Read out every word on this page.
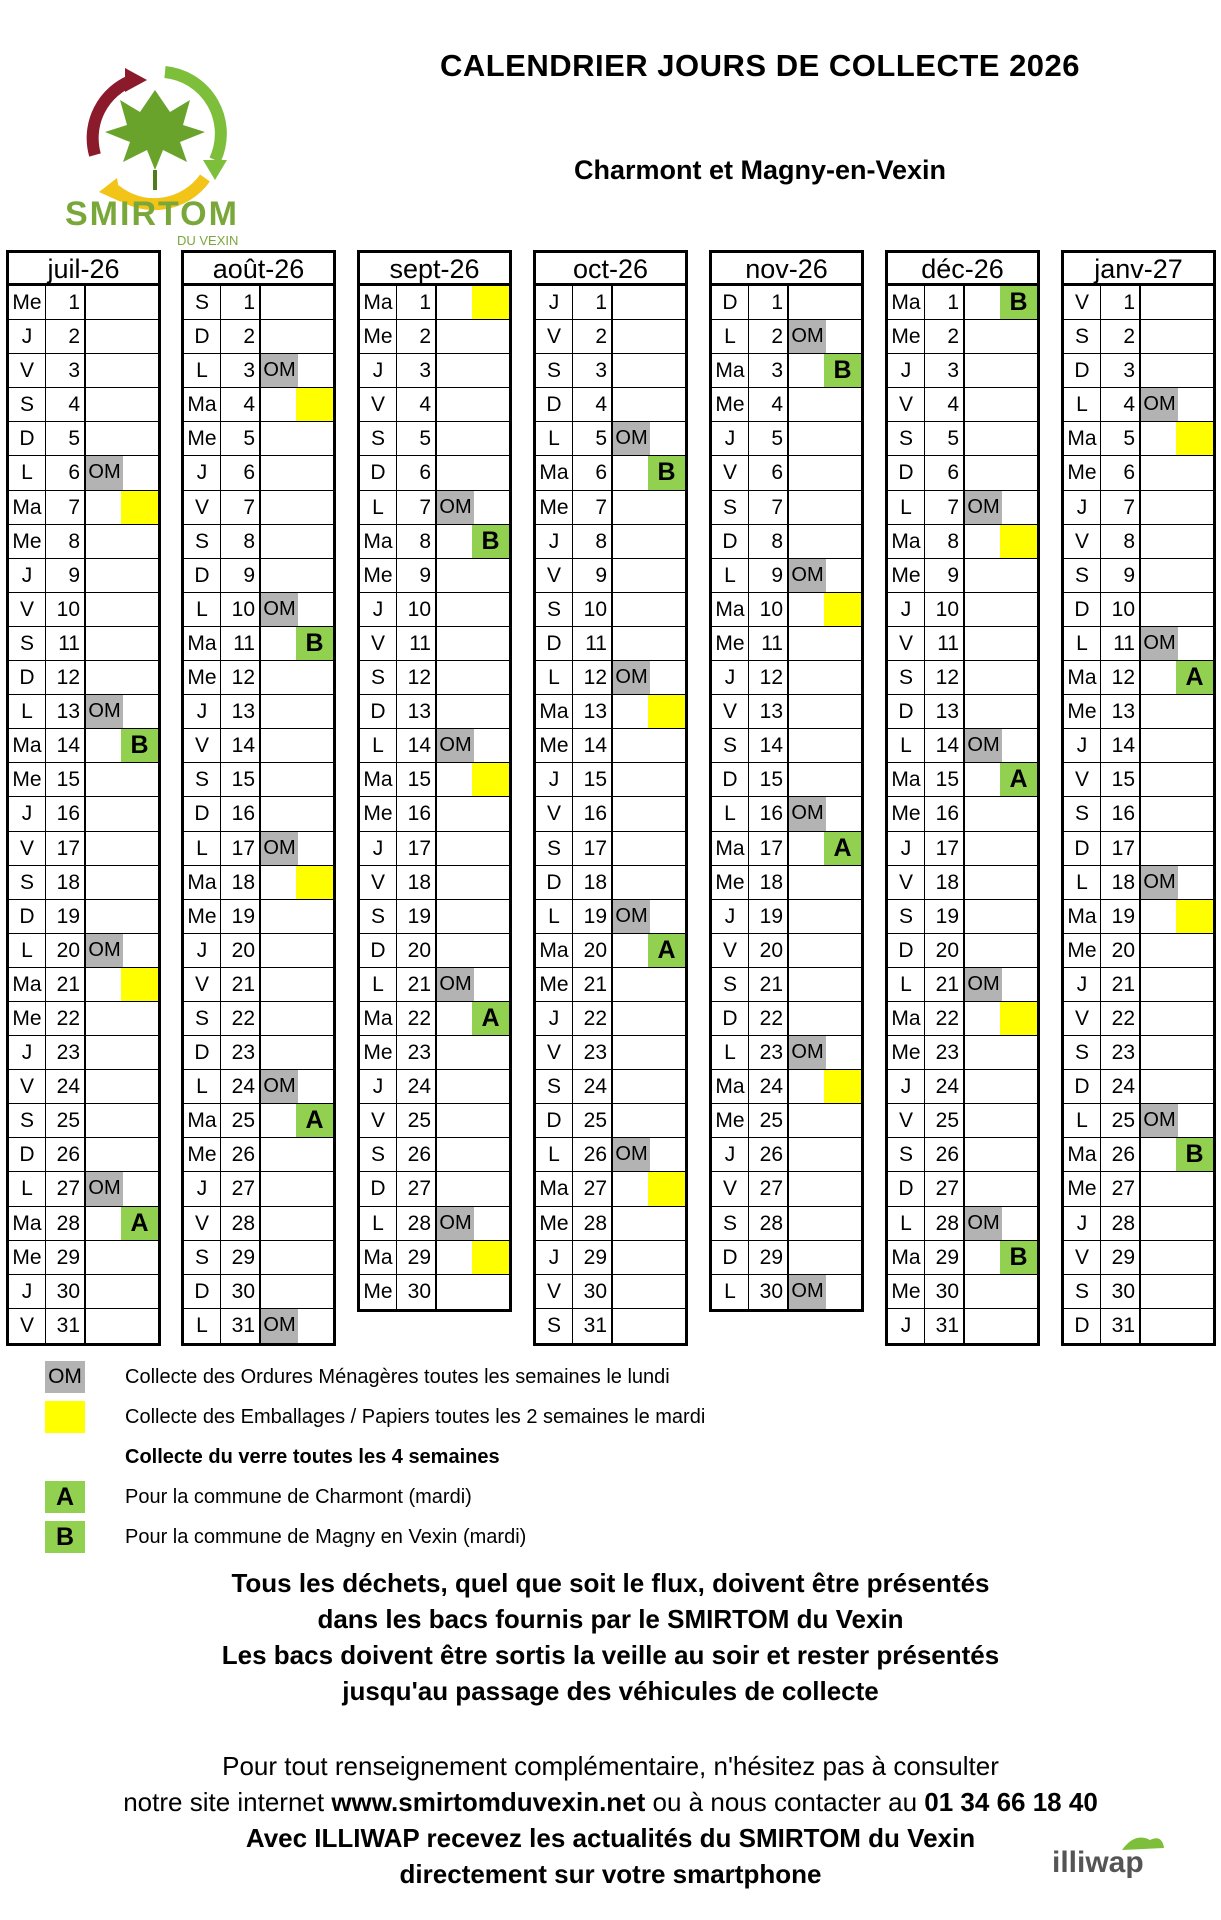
SMIRTOM
DU VEXIN
CALENDRIER JOURS DE COLLECTE 2026
Charmont et Magny-en-Vexin
juil-26
Me	1
J	2
V	3
S	4
D	5
L	6 OM
Ma	7
Me	8
J	9
V	10
S	11
D	12
L	13 OM
Ma 14	B
Me 15
J	16
V	17
S	18
D	19
L	20 OM
Ma 21
Me 22
J	23
V	24
S	25
D	26
L	27 OM
Ma 28	A
Me 29
J	30
V	31
août-26
S	1
D	2
L	3 OM
Ma	4
Me	5
J	6
V	7
S	8
D	9
L	10 OM
Ma 11	B
Me 12
J	13
V	14
S	15
D	16
L	17 OM
Ma 18
Me 19
J	20
V	21
S	22
D	23
L	24 OM
Ma 25	A
Me 26
J	27
V	28
S	29
D	30
L	31 OM
sept-26
Ma	1
Me	2
J	3
V	4
S	5
D	6
L	7 OM
Ma	8	B
Me	9
J	10
V	11
S	12
D	13
L	14 OM
Ma 15
Me 16
J	17
V	18
S	19
D	20
L	21 OM
Ma 22	A
Me 23
J	24
V	25
S	26
D	27
L	28 OM
Ma 29
Me 30
oct-26
J	1
V	2
S	3
D	4
L	5 OM
Ma	6	B
Me	7
J	8
V	9
S	10
D	11
L	12 OM
Ma 13
Me 14
J	15
V	16
S	17
D	18
L	19 OM
Ma 20	A
Me 21
J	22
V	23
S	24
D	25
L	26 OM
Ma 27
Me 28
J	29
V	30
S	31
nov-26
D	1
L	2 OM
Ma	3	B
Me	4
J	5
V	6
S	7
D	8
L	9 OM
Ma 10
Me 11
J	12
V	13
S	14
D	15
L	16 OM
Ma 17	A
Me 18
J	19
V	20
S	21
D	22
L	23 OM
Ma 24
Me 25
J	26
V	27
S	28
D	29
L	30 OM
déc-26
Ma	1	B
Me	2
J	3
V	4
S	5
D	6
L	7 OM
Ma	8
Me	9
J	10
V	11
S	12
D	13
L	14 OM
Ma 15	A
Me 16
J	17
V	18
S	19
D	20
L	21 OM
Ma 22
Me 23
J	24
V	25
S	26
D	27
L	28 OM
Ma 29	B
Me 30
J	31
janv-27
V	1
S	2
D	3
L	4 OM
Ma	5
Me	6
J	7
V	8
S	9
D	10
L	11 OM
Ma 12	A
Me 13
J	14
V	15
S	16
D	17
L	18 OM
Ma 19
Me 20
J	21
V	22
S	23
D	24
L	25 OM
Ma 26	B
Me 27
J	28
V	29
S	30
D	31
OM Collecte des Ordures Ménagères toutes les semaines le lundi
Collecte des Emballages / Papiers toutes les 2 semaines le mardi
Collecte du verre toutes les 4 semaines
A	Pour la commune de Charmont (mardi)
B	Pour la commune de Magny en Vexin (mardi)
Tous les déchets, quel que soit le flux, doivent être présentés
dans les bacs fournis par le SMIRTOM du Vexin
Les bacs doivent être sortis la veille au soir et rester présentés
jusqu'au passage des véhicules de collecte
Pour tout renseignement complémentaire, n'hésitez pas à consulter
notre site internet www.smirtomduvexin.net ou à nous contacter au 01 34 66 18 40
Avec ILLIWAP recevez les actualités du SMIRTOM du Vexin
directement sur votre smartphone	illiwap
